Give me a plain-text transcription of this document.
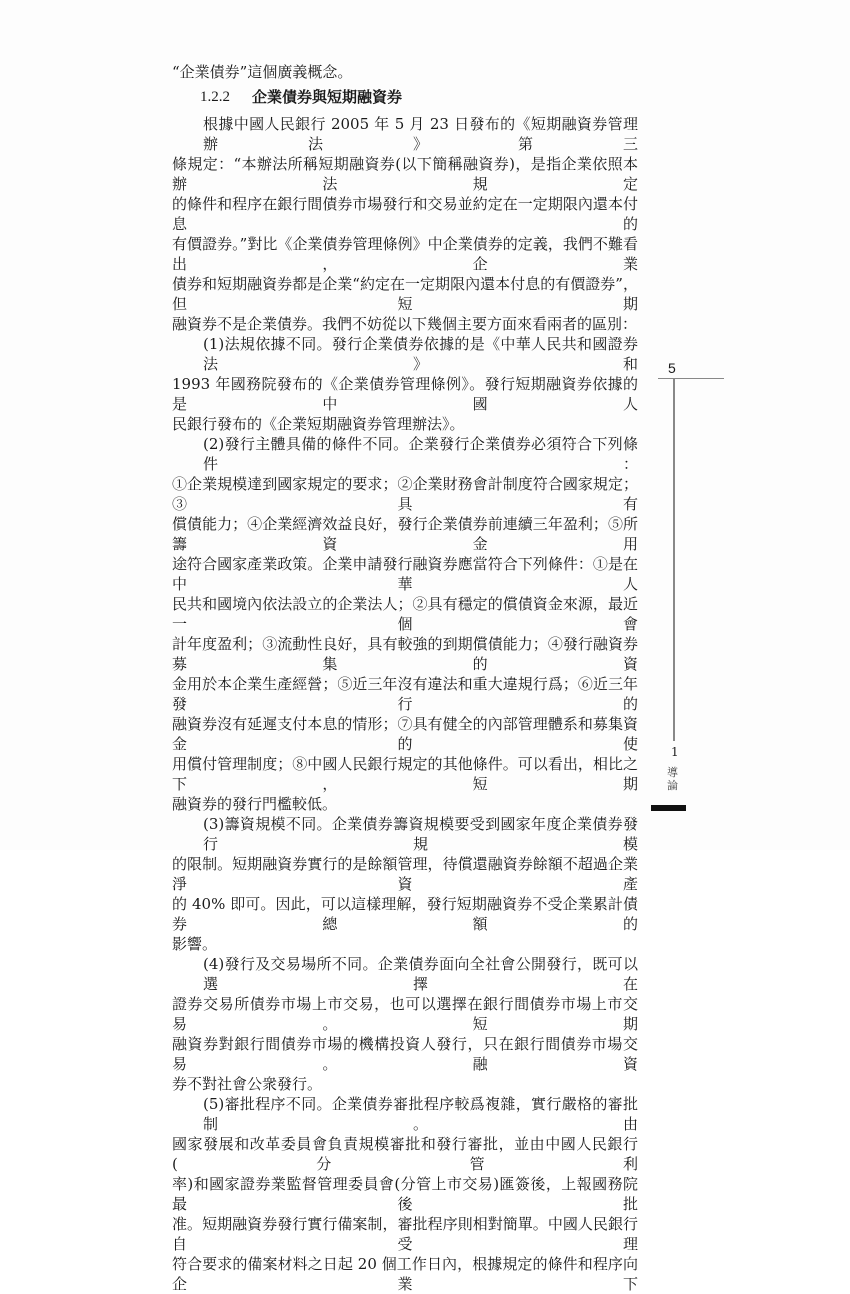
“企業債券”這個廣義概念。
1.2.2 企業債券與短期融資券
根據中國人民銀行 2005 年 5 月 23 日發布的《短期融資券管理辦法》第三
條規定：“本辦法所稱短期融資券(以下簡稱融資券)，是指企業依照本辦法規定
的條件和程序在銀行間債券市場發行和交易並約定在一定期限內還本付息的
有價證券。”對比《企業債券管理條例》中企業債券的定義，我們不難看出，企業
債券和短期融資券都是企業“約定在一定期限內還本付息的有價證券”，但短期
融資券不是企業債券。我們不妨從以下幾個主要方面來看兩者的區別：
(1)法規依據不同。發行企業債券依據的是《中華人民共和國證券法》和
1993 年國務院發布的《企業債券管理條例》。發行短期融資券依據的是中國人
民銀行發布的《企業短期融資券管理辦法》。
(2)發行主體具備的條件不同。企業發行企業債券必須符合下列條件：
①企業規模達到國家規定的要求；②企業財務會計制度符合國家規定；③具有
償債能力；④企業經濟效益良好，發行企業債券前連續三年盈利；⑤所籌資金用
途符合國家產業政策。企業申請發行融資券應當符合下列條件：①是在中華人
民共和國境內依法設立的企業法人；②具有穩定的償債資金來源，最近一個會
計年度盈利；③流動性良好，具有較強的到期償債能力；④發行融資券募集的資
金用於本企業生產經營；⑤近三年沒有違法和重大違規行爲；⑥近三年發行的
融資券沒有延遲支付本息的情形；⑦具有健全的內部管理體系和募集資金的使
用償付管理制度；⑧中國人民銀行規定的其他條件。可以看出，相比之下，短期
融資券的發行門檻較低。
(3)籌資規模不同。企業債券籌資規模要受到國家年度企業債券發行規模
的限制。短期融資券實行的是餘額管理，待償還融資券餘額不超過企業淨資產
的 40% 即可。因此，可以這樣理解，發行短期融資券不受企業累計債券總額的
影響。
(4)發行及交易場所不同。企業債券面向全社會公開發行，既可以選擇在
證券交易所債券市場上市交易，也可以選擇在銀行間債券市場上市交易。短期
融資券對銀行間債券市場的機構投資人發行，只在銀行間債券市場交易。融資
券不對社會公衆發行。
(5)審批程序不同。企業債券審批程序較爲複雜，實行嚴格的審批制。由
國家發展和改革委員會負責規模審批和發行審批，並由中國人民銀行(分管利
率)和國家證券業監督管理委員會(分管上市交易)匯簽後，上報國務院最後批
准。短期融資券發行實行備案制，審批程序則相對簡單。中國人民銀行自受理
符合要求的備案材料之日起 20 個工作日內，根據規定的條件和程序向企業下
5
1
導論
